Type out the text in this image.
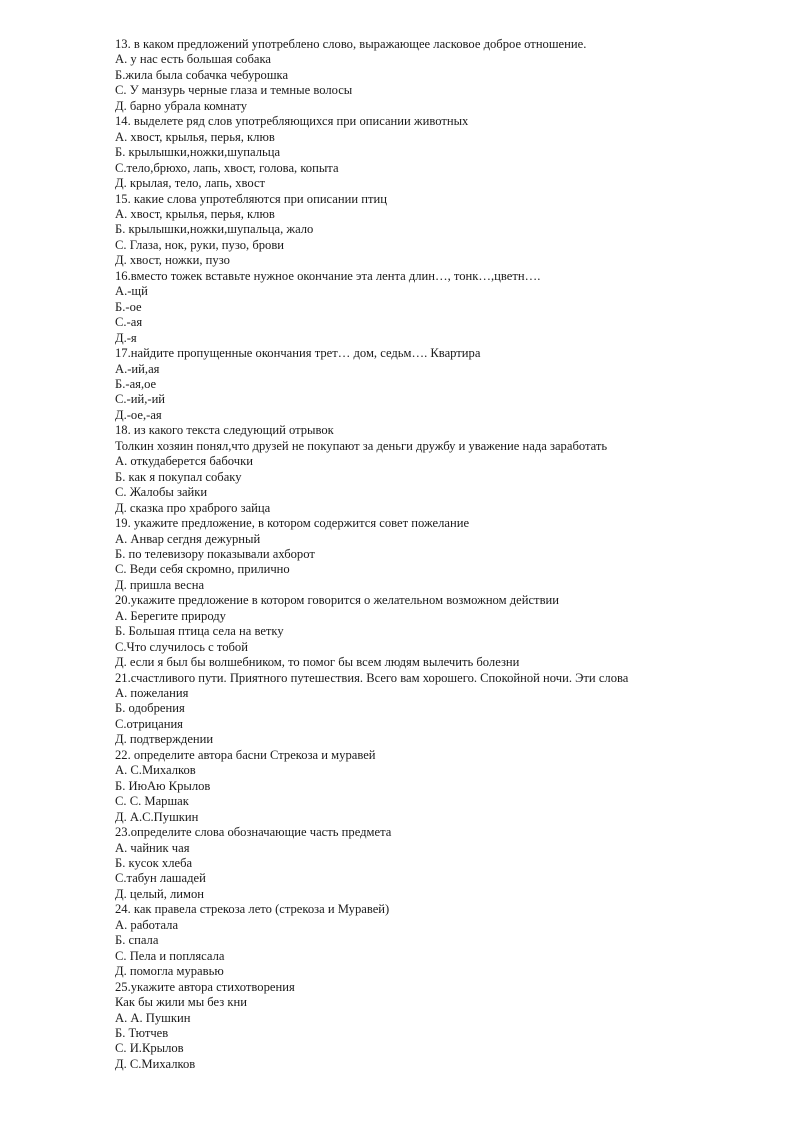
13. в каком предложений употреблено слово, выражающее ласковое доброе отношение.
А. у нас есть большая собака
Б.жила была собачка чебурошка
С. У манзурь черные глаза и темные волосы
Д. барно убрала комнату
14. выделете ряд слов употребляющихся при описании животных
А. хвост, крылья, перья, клюв
Б. крылышки,ножки,шупальца
С.тело,брюхо, лапь, хвост, голова, копыта
Д. крылая, тело, лапь, хвост
15. какие слова упротебляются при описании птиц
А. хвост, крылья, перья, клюв
Б. крылышки,ножки,шупальца, жало
С. Глаза, нок, руки, пузо, брови
Д. хвост, ножки, пузо
16.вместо тожек вставьте нужное окончание эта лента длин…, тонк…,цветн….
А.-щй
Б.-ое
С.-ая
Д.-я
17.найдите пропущенные окончания трет… дом, седьм…. Квартира
А.-ий,ая
Б.-ая,ое
С.-ий,-ий
Д.-ое,-ая
18. из какого текста следующий отрывок
Толкин хозяин понял,что друзей не покупают за деньги дружбу и уважение нада заработать
А. откудаберется бабочки
Б. как я покупал собаку
С. Жалобы зайки
Д. сказка про храброго зайца
19. укажите предложение, в котором содержится совет пожелание
А. Анвар сегдня дежурный
Б. по телевизору показывали ахборот
С. Веди себя скромно, прилично
Д. пришла весна
20.укажите предложение в котором говорится о желательном возможном действии
А. Берегите природу
Б. Большая птица села на ветку
С.Что случилось с тобой
Д. если я был бы волшебником, то помог бы всем людям вылечить болезни
21.счастливого пути. Приятного путешествия. Всего вам хорошего. Спокойной ночи. Эти слова
А. пожелания
Б. одобрения
С.отрицания
Д. подтверждении
22. определите автора басни Стрекоза и муравей
А. С.Михалков
Б. ИюАю Крылов
С. С. Маршак
Д. А.С.Пушкин
23.определите слова обозначающие часть предмета
А. чайник чая
Б. кусок хлеба
С.табун лашадей
Д. целый, лимон
24. как правела стрекоза лето (стрекоза и Муравей)
А. работала
Б. спала
С. Пела и поплясала
Д. помогла муравью
25.укажите автора стихотворения
Как бы жили мы без кни
А. А. Пушкин
Б. Тютчев
С. И.Крылов
Д. С.Михалков
